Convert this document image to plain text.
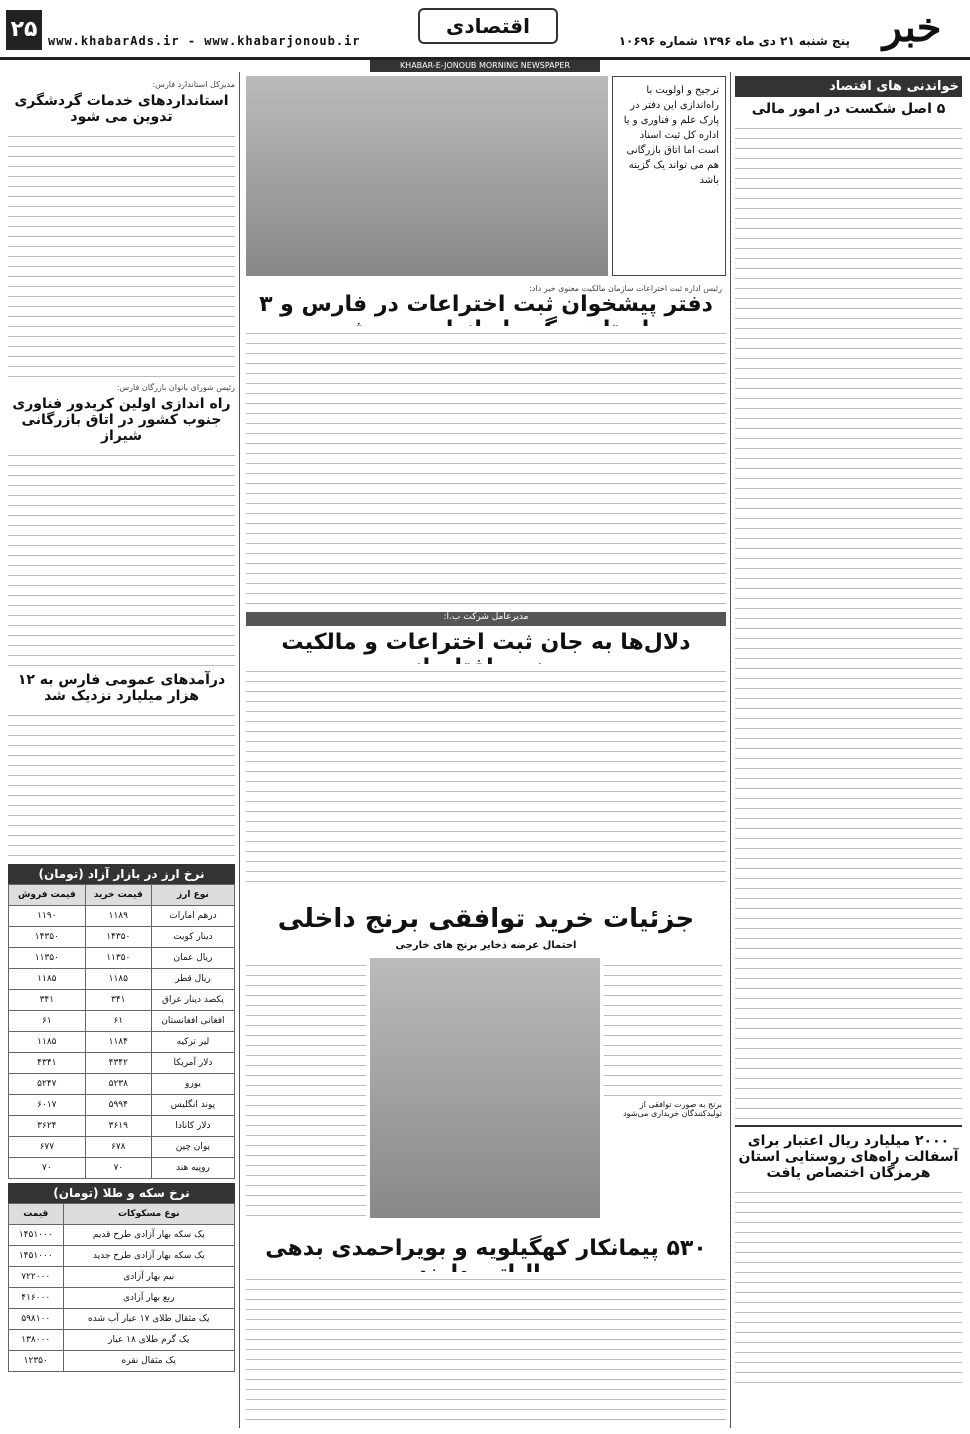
۲۵ www.khabarAds.ir - www.khabarjonoub.ir
اقتصادی
پنج شنبه ۲۱ دی ماه ۱۳۹۶ شماره ۱۰۶۹۶ خبر
KHABAR-E-JONOUB MORNING NEWSPAPER
خواندنی های اقتصاد
۵ اصل شکست در امور مالی
۲۰۰۰ میلیارد ریال اعتبار برای آسفالت راه‌های روستایی استان هرمزگان اختصاص یافت
ترجیح و اولویت با راه‌اندازی این دفتر در پارک علم و فناوری و یا اداره کل ثبت اسناد است اما اتاق بازرگانی هم می تواند یک گزینه باشد
رئیس اداره ثبت اختراعات سازمان مالکیت معنوی خبر داد:
دفتر پیشخوان ثبت اختراعات در فارس و ۳
مدیرعامل شرکت ب.آ:
دلال‌ها به جان ثبت اختراعات و مالکیت
جزئیات خرید توافقی برنج داخلی
احتمال عرضه ذخایر برنج های خارجی
برنج به صورت توافقی از تولیدکنندگان خریداری می‌شود
۵۳۰ پیمانکار کهگیلویه و بویراحمدی بدهی
مدیرکل استاندارد فارس:
استانداردهای خدمات گردشگری تدوین می شود
رئیس شورای بانوان بازرگان فارس:
راه اندازی اولین کریدور فناوری جنوب کشور در اتاق بازرگانی شیراز
درآمدهای عمومی فارس به ۱۲ هزار میلیارد نزدیک شد
نرخ ارز در بازار آزاد (تومان)
نوع ارز	قیمت خرید	قیمت فروش
درهم امارات	۱۱۸۹	۱۱۹۰
دینار کویت	۱۴۳۵۰	۱۴۳۵۰
ریال عمان	۱۱۳۵۰	۱۱۳۵۰
ریال قطر	۱۱۸۵	۱۱۸۵
یکصد دینار عراق	۳۴۱	۳۴۱
افغانی افغانستان	۶۱	۶۱
لیر ترکیه	۱۱۸۴	۱۱۸۵
دلار آمریکا	۴۳۴۲	۴۳۴۱
یورو	۵۲۳۸	۵۲۴۷
پوند انگلیس	۵۹۹۴	۶۰۱۷
دلار کانادا	۳۶۱۹	۳۶۲۴
یوان چین	۶۷۸	۶۷۷
روپیه هند	۷۰	۷۰
نرخ سکه و طلا (تومان)
نوع مسکوکات	قیمت
یک سکه بهار آزادی طرح قدیم	۱۴۵۱۰۰۰
یک سکه بهار آزادی طرح جدید	۱۴۵۱۰۰۰
نیم بهار آزادی	۷۲۲۰۰۰
ربع بهار آزادی	۴۱۶۰۰۰
یک مثقال طلای ۱۷ عیار آب شده	۵۹۸۱۰۰
یک گرم طلای ۱۸ عیار	۱۳۸۰۰۰
یک مثقال نقره	۱۲۳۵۰
